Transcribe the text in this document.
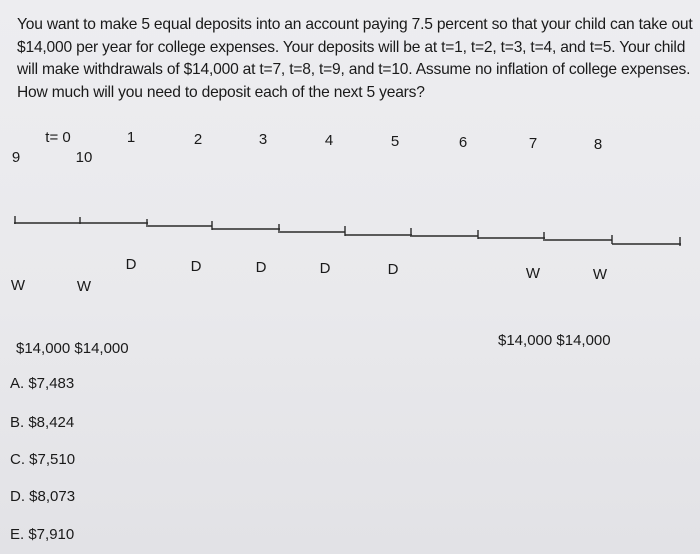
You want to make 5 equal deposits into an account paying 7.5 percent so that your child can take out $14,000 per year for college expenses. Your deposits will be at t=1, t=2, t=3, t=4, and t=5. Your child will make withdrawals of $14,000 at t=7, t=8, t=9, and t=10. Assume no inflation of college expenses. How much will you need to deposit each of the next 5 years?

t= 0	1	2	3	4	5	6	7	8
9	10
D	D	D	D	D	W	W
W	W
$14,000 $14,000
$14,000 $14,000
A. $7,483
B. $8,424
C. $7,510
D. $8,073
E. $7,910
